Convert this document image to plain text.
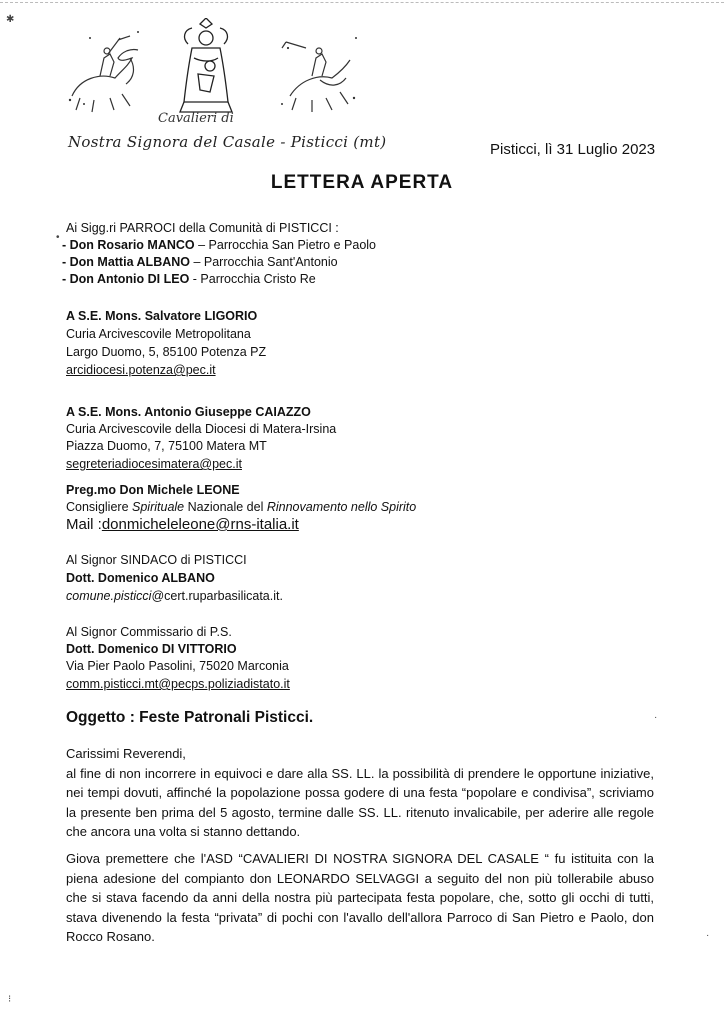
✱
Cavalieri di
Nostra Signora del Casale - Pisticci (mt)	Pisticci, lì 31 Luglio 2023
LETTERA APERTA
Ai Sigg.ri PARROCI della Comunità di PISTICCI :
•
- Don Rosario MANCO – Parrocchia San Pietro e Paolo
- Don Mattia ALBANO – Parrocchia Sant'Antonio
- Don Antonio DI LEO - Parrocchia Cristo Re
A S.E. Mons. Salvatore LIGORIO
Curia Arcivescovile Metropolitana
Largo Duomo, 5, 85100 Potenza PZ
arcidiocesi.potenza@pec.it
A S.E. Mons. Antonio Giuseppe CAIAZZO
Curia Arcivescovile della Diocesi di Matera-Irsina
Piazza Duomo, 7, 75100 Matera MT
segreteriadiocesimatera@pec.it
Preg.mo Don Michele LEONE
Consigliere Spirituale Nazionale del Rinnovamento nello Spirito
Mail :donmicheleleone@rns-italia.it
Al Signor SINDACO di PISTICCI
Dott. Domenico ALBANO
comune.pisticci@cert.ruparbasilicata.it.
Al Signor Commissario di P.S.
Dott. Domenico DI VITTORIO
Via Pier Paolo Pasolini, 75020 Marconia
comm.pisticci.mt@pecps.poliziadistato.it
Oggetto : Feste Patronali Pisticci.	·

Carissimi Reverendi,

al fine di non incorrere in equivoci e dare alla SS. LL. la possibilità di prendere le opportune iniziative, nei tempi dovuti, affinché la popolazione possa godere di una festa “popolare e condivisa”, scriviamo la presente ben prima del 5 agosto, termine dalle SS. LL. ritenuto invalicabile, per aderire alle regole che ancora una volta si stanno dettando.

Giova premettere che l'ASD “CAVALIERI DI NOSTRA SIGNORA DEL CASALE “ fu istituita con la piena adesione del compianto don LEONARDO SELVAGGI a seguito del non più tollerabile abuso che si stava facendo da anni della nostra più partecipata festa popolare, che, sotto gli occhi di tutti, stava divenendo la festa “privata” di pochi con l'avallo dell'allora Parroco di San Pietro e Paolo, don Rocco Rosano.	·
⁝
